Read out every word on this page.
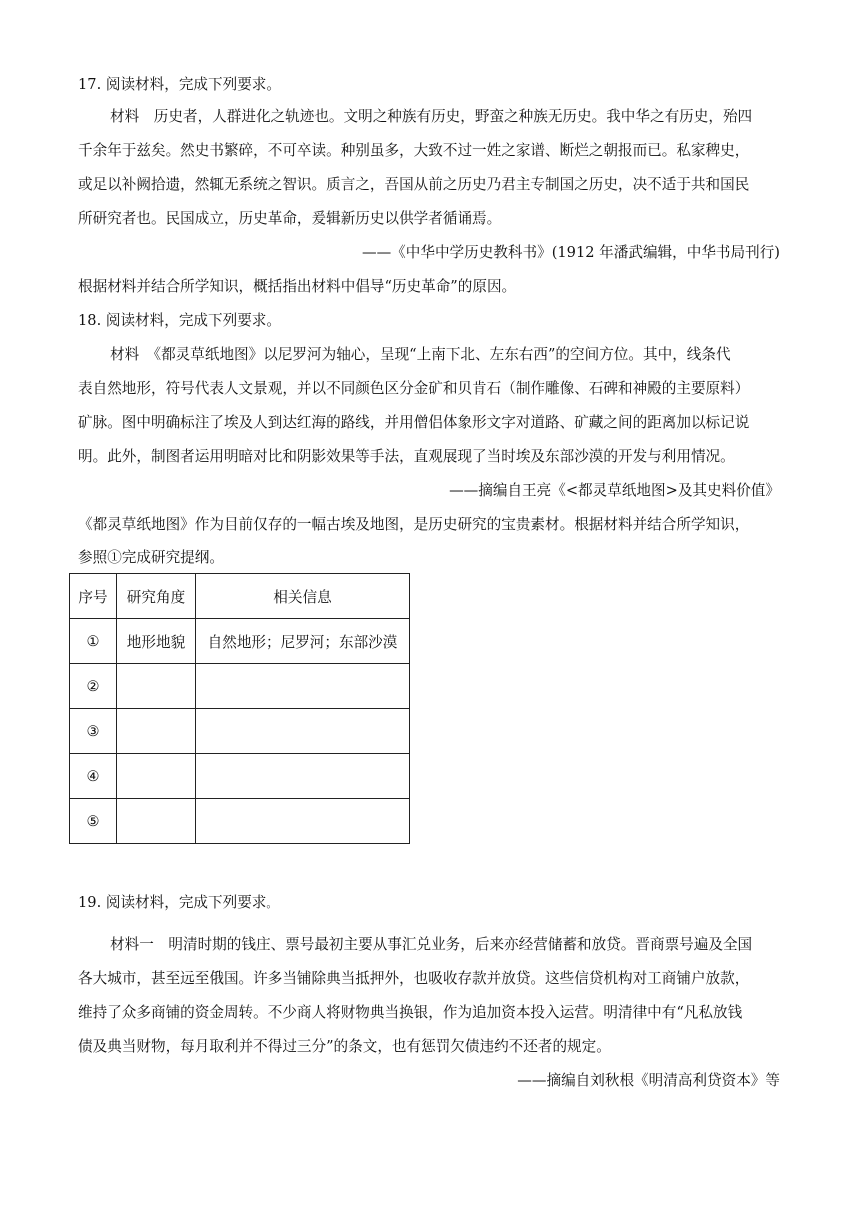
17. 阅读材料，完成下列要求。
材料　历史者，人群进化之轨迹也。文明之种族有历史，野蛮之种族无历史。我中华之有历史，殆四
千余年于兹矣。然史书繁碎，不可卒读。种别虽多，大致不过一姓之家谱、断烂之朝报而已。私家稗史，
或足以补阙拾遗，然辄无系统之智识。质言之，吾国从前之历史乃君主专制国之历史，决不适于共和国民
所研究者也。民国成立，历史革命，爰辑新历史以供学者循诵焉。
——《中华中学历史教科书》(1912 年潘武编辑，中华书局刊行)
根据材料并结合所学知识，概括指出材料中倡导“历史革命”的原因。
18. 阅读材料，完成下列要求。
材料　《都灵草纸地图》以尼罗河为轴心，呈现“上南下北、左东右西”的空间方位。其中，线条代
表自然地形，符号代表人文景观，并以不同颜色区分金矿和贝肯石（制作雕像、石碑和神殿的主要原料）
矿脉。图中明确标注了埃及人到达红海的路线，并用僧侣体象形文字对道路、矿藏之间的距离加以标记说
明。此外，制图者运用明暗对比和阴影效果等手法，直观展现了当时埃及东部沙漠的开发与利用情况。
——摘编自王亮《<都灵草纸地图>及其史料价值》
《都灵草纸地图》作为目前仅存的一幅古埃及地图，是历史研究的宝贵素材。根据材料并结合所学知识，
参照①完成研究提纲。
序号	研究角度	相关信息
①	地形地貌	自然地形；尼罗河；东部沙漠
②		
③		
④		
⑤		
19. 阅读材料，完成下列要求。
材料一　明清时期的钱庄、票号最初主要从事汇兑业务，后来亦经营储蓄和放贷。晋商票号遍及全国
各大城市，甚至远至俄国。许多当铺除典当抵押外，也吸收存款并放贷。这些信贷机构对工商铺户放款，
维持了众多商铺的资金周转。不少商人将财物典当换银，作为追加资本投入运营。明清律中有“凡私放钱
债及典当财物，每月取利并不得过三分”的条文，也有惩罚欠债违约不还者的规定。
——摘编自刘秋根《明清高利贷资本》等
